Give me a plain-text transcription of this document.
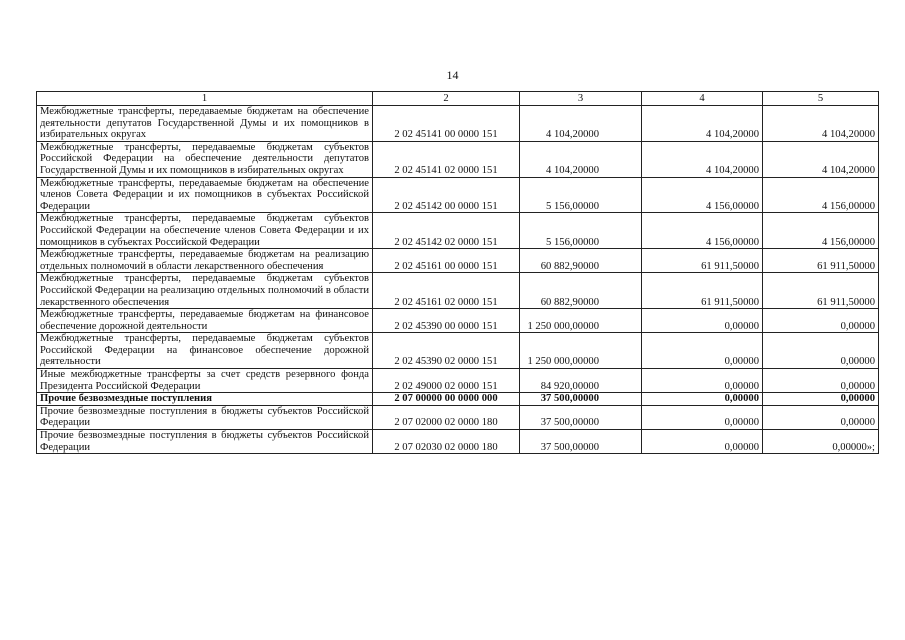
14
1	2	3	4	5
Межбюджетные трансферты, передаваемые бюджетам на обеспечение деятельности депутатов Государственной Думы и их помощников в избирательных округах	2 02 45141 00 0000 151	4 104,20000	4 104,20000	4 104,20000
Межбюджетные трансферты, передаваемые бюджетам субъектов Российской Федерации на обеспечение деятельности депутатов Государственной Думы и их помощников в избирательных округах	2 02 45141 02 0000 151	4 104,20000	4 104,20000	4 104,20000
Межбюджетные трансферты, передаваемые бюджетам на обеспечение членов Совета Федерации и их помощников в субъектах Российской Федерации	2 02 45142 00 0000 151	5 156,00000	4 156,00000	4 156,00000
Межбюджетные трансферты, передаваемые бюджетам субъектов Российской Федерации на обеспечение членов Совета Федерации и их помощников в субъектах Российской Федерации	2 02 45142 02 0000 151	5 156,00000	4 156,00000	4 156,00000
Межбюджетные трансферты, передаваемые бюджетам на реализацию отдельных полномочий в области лекарственного обеспечения	2 02 45161 00 0000 151	60 882,90000	61 911,50000	61 911,50000
Межбюджетные трансферты, передаваемые бюджетам субъектов Российской Федерации на реализацию отдельных полномочий в области лекарственного обеспечения	2 02 45161 02 0000 151	60 882,90000	61 911,50000	61 911,50000
Межбюджетные трансферты, передаваемые бюджетам на финансовое обеспечение дорожной деятельности	2 02 45390 00 0000 151	1 250 000,00000	0,00000	0,00000
Межбюджетные трансферты, передаваемые бюджетам субъектов Российской Федерации на финансовое обеспечение дорожной деятельности	2 02 45390 02 0000 151	1 250 000,00000	0,00000	0,00000
Иные межбюджетные трансферты за счет средств резервного фонда Президента Российской Федерации	2 02 49000 02 0000 151	84 920,00000	0,00000	0,00000
Прочие безвозмездные поступления	2 07 00000 00 0000 000	37 500,00000	0,00000	0,00000
Прочие безвозмездные поступления в бюджеты субъектов Российской Федерации	2 07 02000 02 0000 180	37 500,00000	0,00000	0,00000
Прочие безвозмездные поступления в бюджеты субъектов Российской Федерации	2 07 02030 02 0000 180	37 500,00000	0,00000	0,00000»;
